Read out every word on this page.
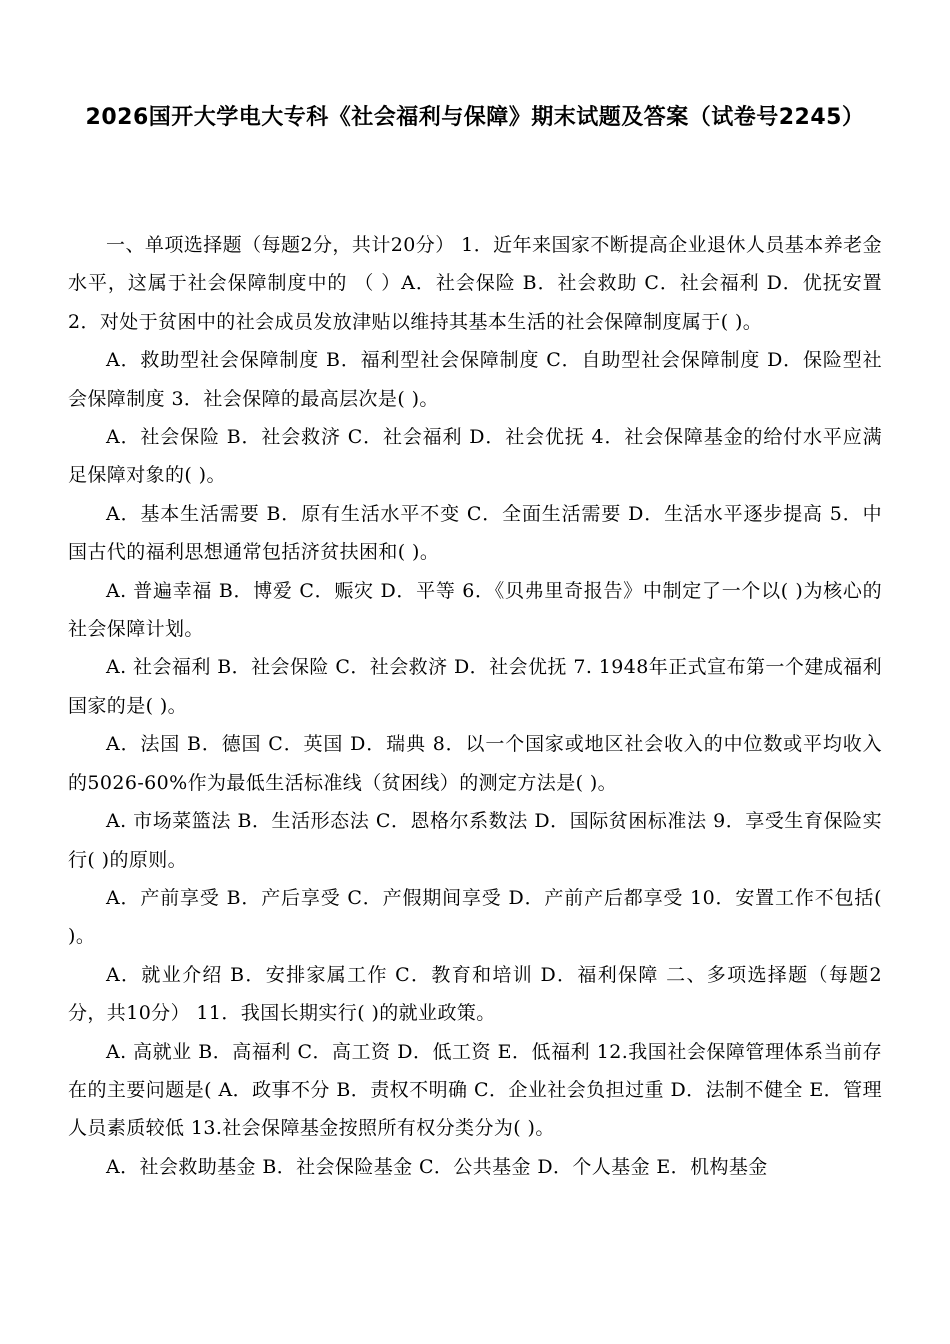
2026国开大学电大专科《社会福利与保障》期末试题及答案（试卷号2245）

一、单项选择题（每题2分，共计20分） 1．近年来国家不断提高企业退休人员基本养老金水平，这属于社会保障制度中的 （ ）A．社会保险 B．社会救助 C．社会福利 D．优抚安置 2．对处于贫困中的社会成员发放津贴以维持其基本生活的社会保障制度属于( )。

A．救助型社会保障制度 B．福利型社会保障制度 C．自助型社会保障制度 D．保险型社会保障制度 3．社会保障的最高层次是( )。

A．社会保险 B．社会救济 C．社会福利 D．社会优抚 4．社会保障基金的给付水平应满足保障对象的( )。

A．基本生活需要 B．原有生活水平不变 C．全面生活需要 D．生活水平逐步提高 5．中国古代的福利思想通常包括济贫扶困和( )。

A. 普遍幸福 B．博爱 C．赈灾 D．平等 6．《贝弗里奇报告》中制定了一个以( )为核心的社会保障计划。

A. 社会福利 B．社会保险 C．社会救济 D．社会优抚 7. 1948年正式宣布第一个建成福利国家的是( )。

A．法国 B．德国 C．英国 D．瑞典 8．以一个国家或地区社会收入的中位数或平均收入的5026-60%作为最低生活标准线（贫困线）的测定方法是( )。

A. 市场菜篮法 B．生活形态法 C．恩格尔系数法 D．国际贫困标准法 9．享受生育保险实行( )的原则。

A．产前享受 B．产后享受 C．产假期间享受 D．产前产后都享受 10．安置工作不包括( )。

A．就业介绍 B．安排家属工作 C．教育和培训 D．福利保障 二、多项选择题（每题2分，共10分） 11．我国长期实行( )的就业政策。

A. 高就业 B．高福利 C．高工资 D．低工资 E．低福利 12.我国社会保障管理体系当前存在的主要问题是( A．政事不分 B．责权不明确 C．企业社会负担过重 D．法制不健全 E．管理人员素质较低 13.社会保障基金按照所有权分类分为( )。

A．社会救助基金 B．社会保险基金 C．公共基金 D．个人基金 E．机构基金
